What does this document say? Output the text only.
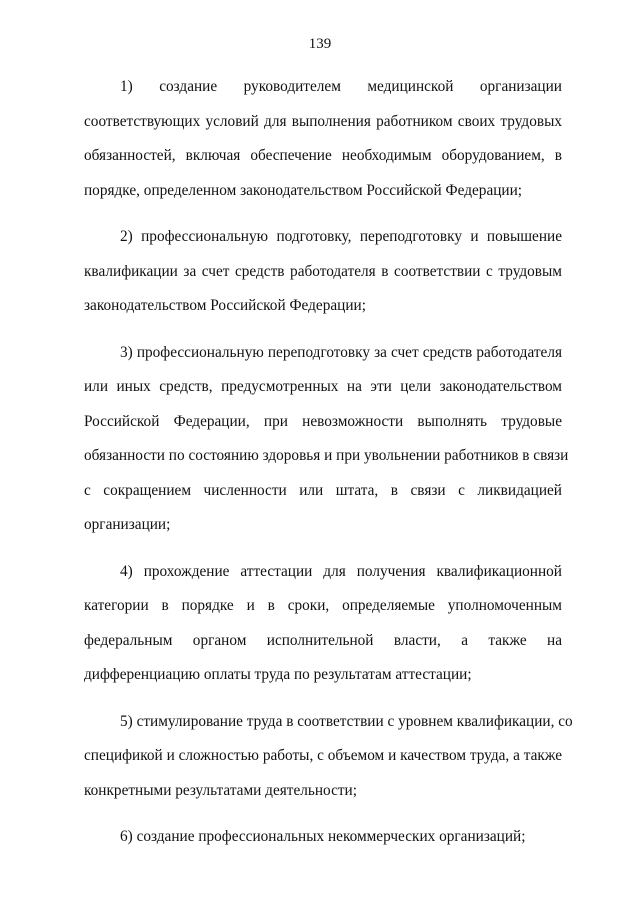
139
1) создание руководителем медицинской организации
соответствующих условий для выполнения работником своих трудовых
обязанностей, включая обеспечение необходимым оборудованием, в
порядке, определенном законодательством Российской Федерации;
2) профессиональную подготовку, переподготовку и повышение
квалификации за счет средств работодателя в соответствии с трудовым
законодательством Российской Федерации;
3) профессиональную переподготовку за счет средств работодателя
или иных средств, предусмотренных на эти цели законодательством
Российской Федерации, при невозможности выполнять трудовые
обязанности по состоянию здоровья и при увольнении работников в связи
с сокращением численности или штата, в связи с ликвидацией
организации;
4) прохождение аттестации для получения квалификационной
категории в порядке и в сроки, определяемые уполномоченным
федеральным органом исполнительной власти, а также на
дифференциацию оплаты труда по результатам аттестации;
5) стимулирование труда в соответствии с уровнем квалификации, со
спецификой и сложностью работы, с объемом и качеством труда, а также
конкретными результатами деятельности;
6) создание профессиональных некоммерческих организаций;
